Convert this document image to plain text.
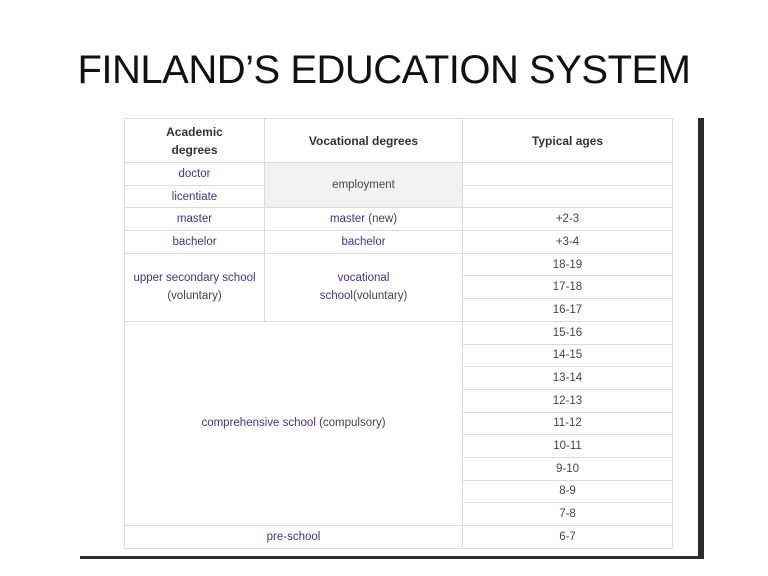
FINLAND’S EDUCATION SYSTEM
Academic degrees	Vocational degrees	Typical ages
doctor	employment	
licentiate		
master	master (new)	+2-3
bachelor	bachelor	+3-4
upper secondary school (voluntary)	vocational school(voluntary)	18-19
		17-18
		16-17
comprehensive school (compulsory)		15-16
		14-15
		13-14
		12-13
		11-12
		10-11
		9-10
		8-9
		7-8
pre-school		6-7
